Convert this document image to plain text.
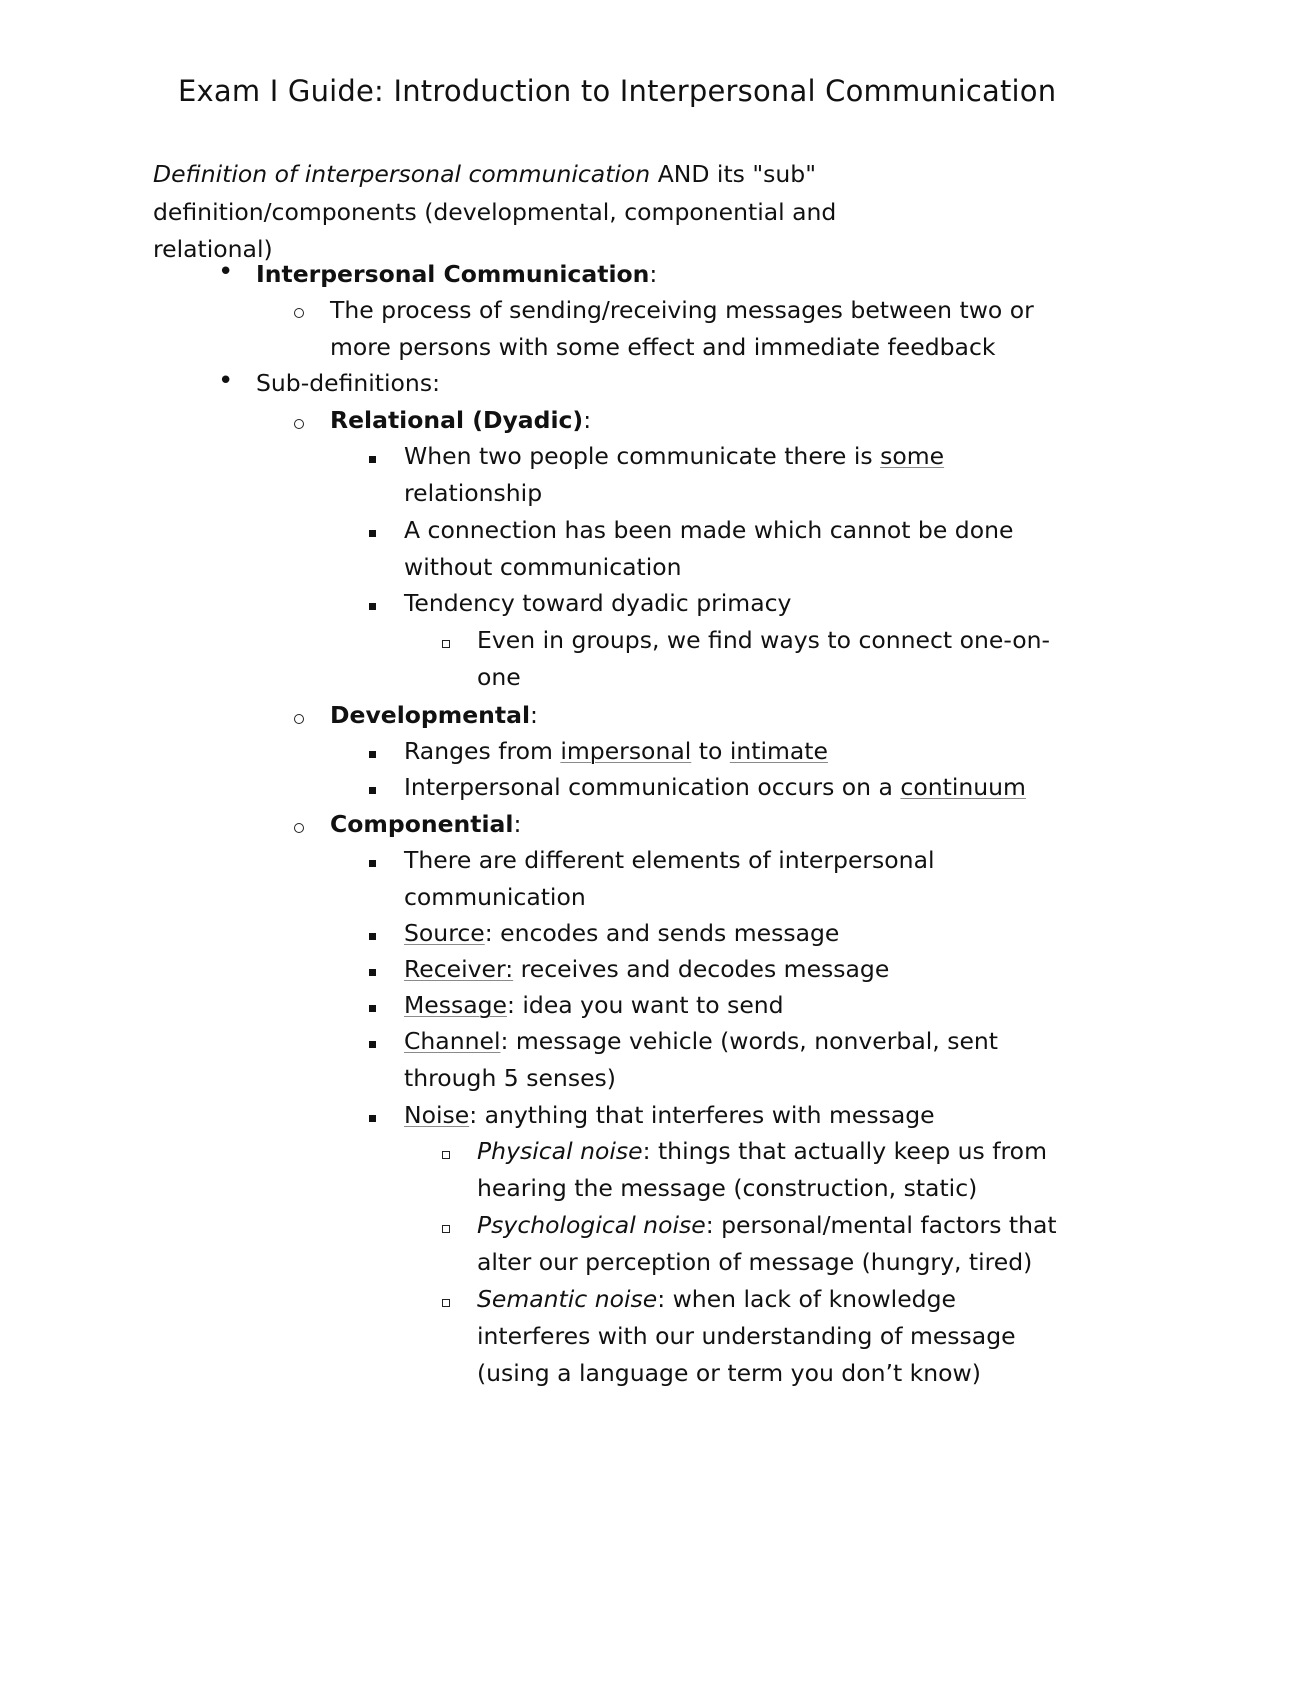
Exam I Guide: Introduction to Interpersonal Communication

Definition of interpersonal communication AND its "sub"
definition/components (developmental, componential and
relational)

• Interpersonal Communication:
The process of sending/receiving messages between two or
more persons with some effect and immediate feedback
• Sub-definitions:
Relational (Dyadic):
When two people communicate there is some
relationship
A connection has been made which cannot be done
without communication
Tendency toward dyadic primacy
Even in groups, we find ways to connect one-on-
one
Developmental:
Ranges from impersonal to intimate
Interpersonal communication occurs on a continuum
Componential:
There are different elements of interpersonal
communication
Source: encodes and sends message
Receiver: receives and decodes message
Message: idea you want to send
Channel: message vehicle (words, nonverbal, sent
through 5 senses)
Noise: anything that interferes with message
Physical noise: things that actually keep us from
hearing the message (construction, static)
Psychological noise: personal/mental factors that
alter our perception of message (hungry, tired)
Semantic noise: when lack of knowledge
interferes with our understanding of message
(using a language or term you don’t know)
